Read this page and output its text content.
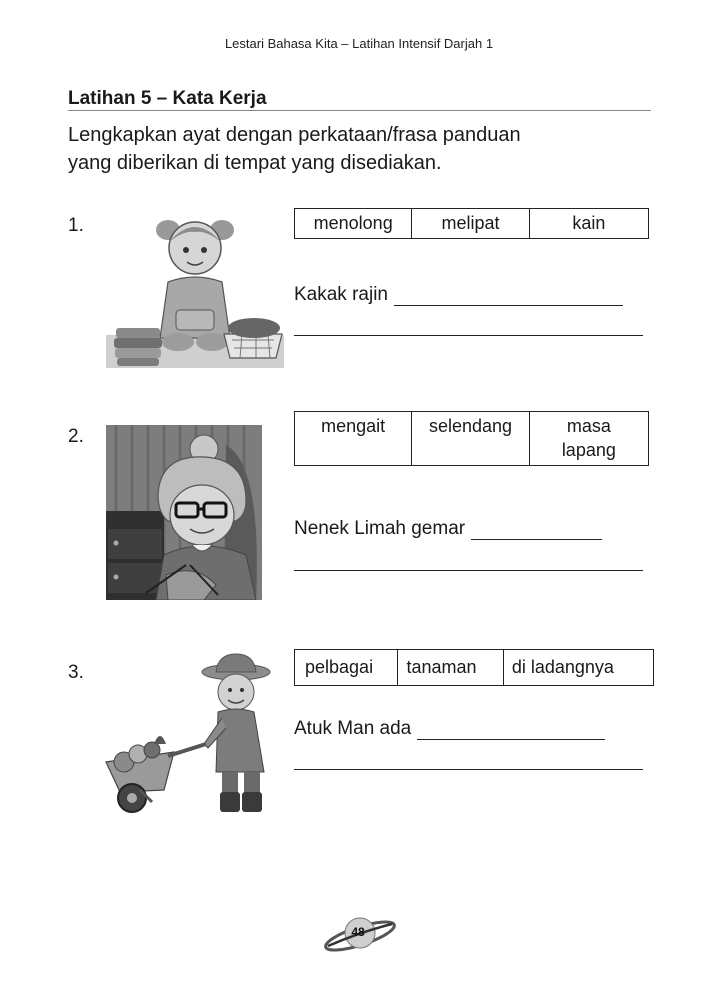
Lestari Bahasa Kita – Latihan Intensif Darjah 1
Latihan 5 – Kata Kerja
Lengkapkan ayat dengan perkataan/frasa panduan
yang diberikan di tempat yang disediakan.
1.	menolong	melipat	kain
Kakak rajin
2.	mengait	selendang	masa
lapang
Nenek Limah gemar
3.	pelbagai	tanaman	di ladangnya
Atuk Man ada
48
